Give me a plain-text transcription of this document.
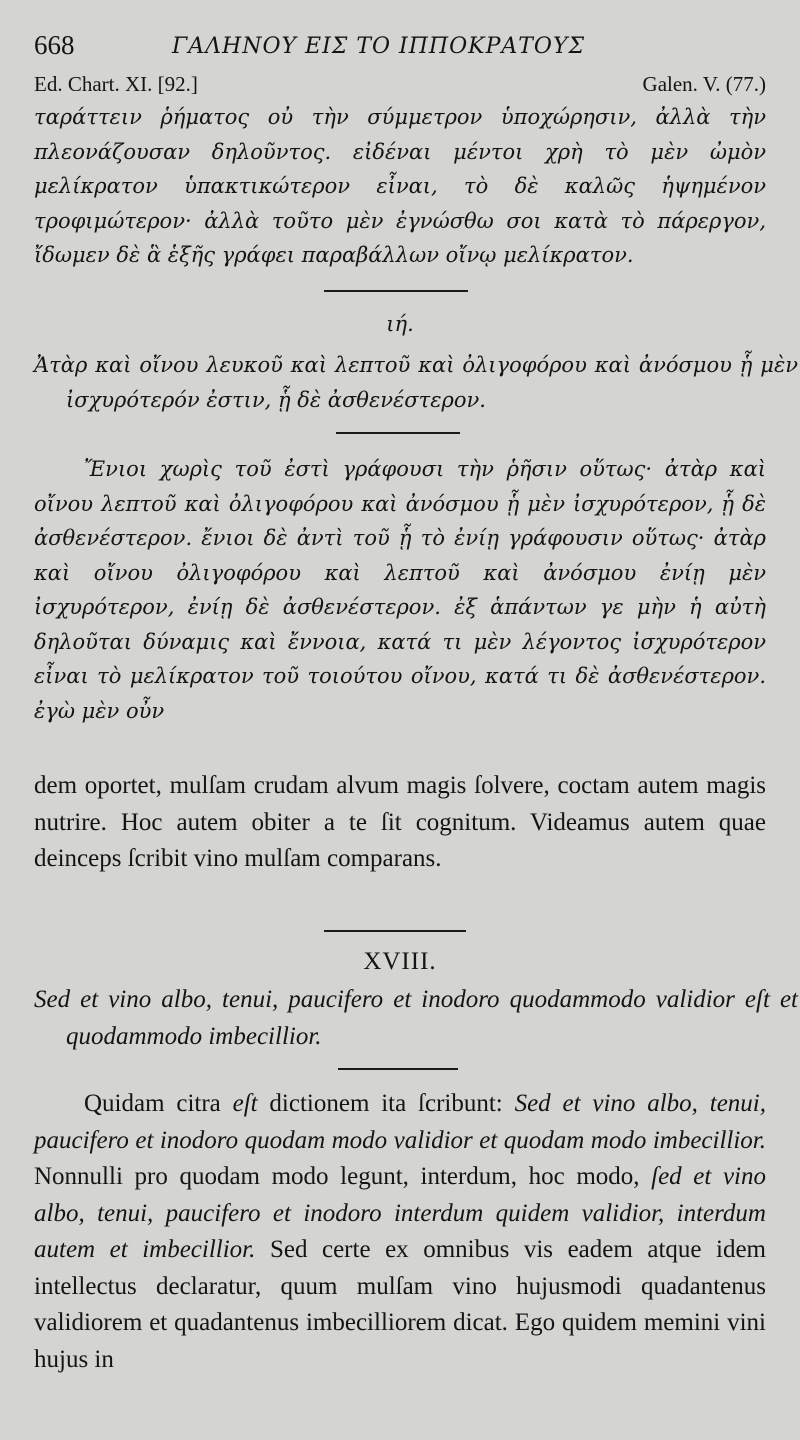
668	ΓΑΛΗΝΟΥ ΕΙΣ ΤΟ ΙΠΠΟΚΡΑΤΟΥΣ
Ed. Chart. XI. [92.]	Galen. V. (77.)
ταράττειν ῥήματος οὐ τὴν σύμμετρον ὑποχώρησιν, ἀλλὰ τὴν πλεονάζουσαν δηλοῦντος. εἰδέναι μέντοι χρὴ τὸ μὲν ὠμὸν μελίκρατον ὑπακτικώτερον εἶναι, τὸ δὲ καλῶς ἡψημένον τροφιμώτερον· ἀλλὰ τοῦτο μὲν ἐγνώσθω σοι κατὰ τὸ πάρεργον, ἴδωμεν δὲ ἃ ἑξῆς γράφει παραβάλλων οἴνῳ μελίκρατον.
ιή.
Ἀτὰρ καὶ οἴνου λευκοῦ καὶ λεπτοῦ καὶ ὀλιγοφόρου καὶ ἀνόσμου ᾗ μὲν ἰσχυρότερόν ἐστιν, ᾗ δὲ ἀσθενέστερον.
Ἔνιοι χωρὶς τοῦ ἐστὶ γράφουσι τὴν ῥῆσιν οὕτως· ἀτὰρ καὶ οἴνου λεπτοῦ καὶ ὀλιγοφόρου καὶ ἀνόσμου ᾗ μὲν ἰσχυρότερον, ᾗ δὲ ἀσθενέστερον. ἔνιοι δὲ ἀντὶ τοῦ ᾗ τὸ ἐνίῃ γράφουσιν οὕτως· ἀτὰρ καὶ οἴνου ὀλιγοφόρου καὶ λεπτοῦ καὶ ἀνόσμου ἐνίῃ μὲν ἰσχυρότερον, ἐνίῃ δὲ ἀσθενέστερον. ἐξ ἁπάντων γε μὴν ἡ αὐτὴ δηλοῦται δύναμις καὶ ἔννοια, κατά τι μὲν λέγοντος ἰσχυρότερον εἶναι τὸ μελίκρατον τοῦ τοιούτου οἴνου, κατά τι δὲ ἀσθενέστερον. ἐγὼ μὲν οὖν
dem oportet, mulſam crudam alvum magis ſolvere, coctam autem magis nutrire. Hoc autem obiter a te ſit cognitum. Videamus autem quae deinceps ſcribit vino mulſam comparans.
XVIII.
Sed et vino albo, tenui, paucifero et inodoro quodammodo validior eſt et quodammodo imbecillior.
Quidam citra eſt dictionem ita ſcribunt: Sed et vino albo, tenui, paucifero et inodoro quodam modo validior et quodam modo imbecillior. Nonnulli pro quodam modo legunt, interdum, hoc modo, ſed et vino albo, tenui, paucifero et inodoro interdum quidem validior, interdum autem et imbecillior. Sed certe ex omnibus vis eadem atque idem intellectus declaratur, quum mulſam vino hujusmodi quadantenus validiorem et quadantenus imbecilliorem dicat. Ego quidem memini vini hujus in
